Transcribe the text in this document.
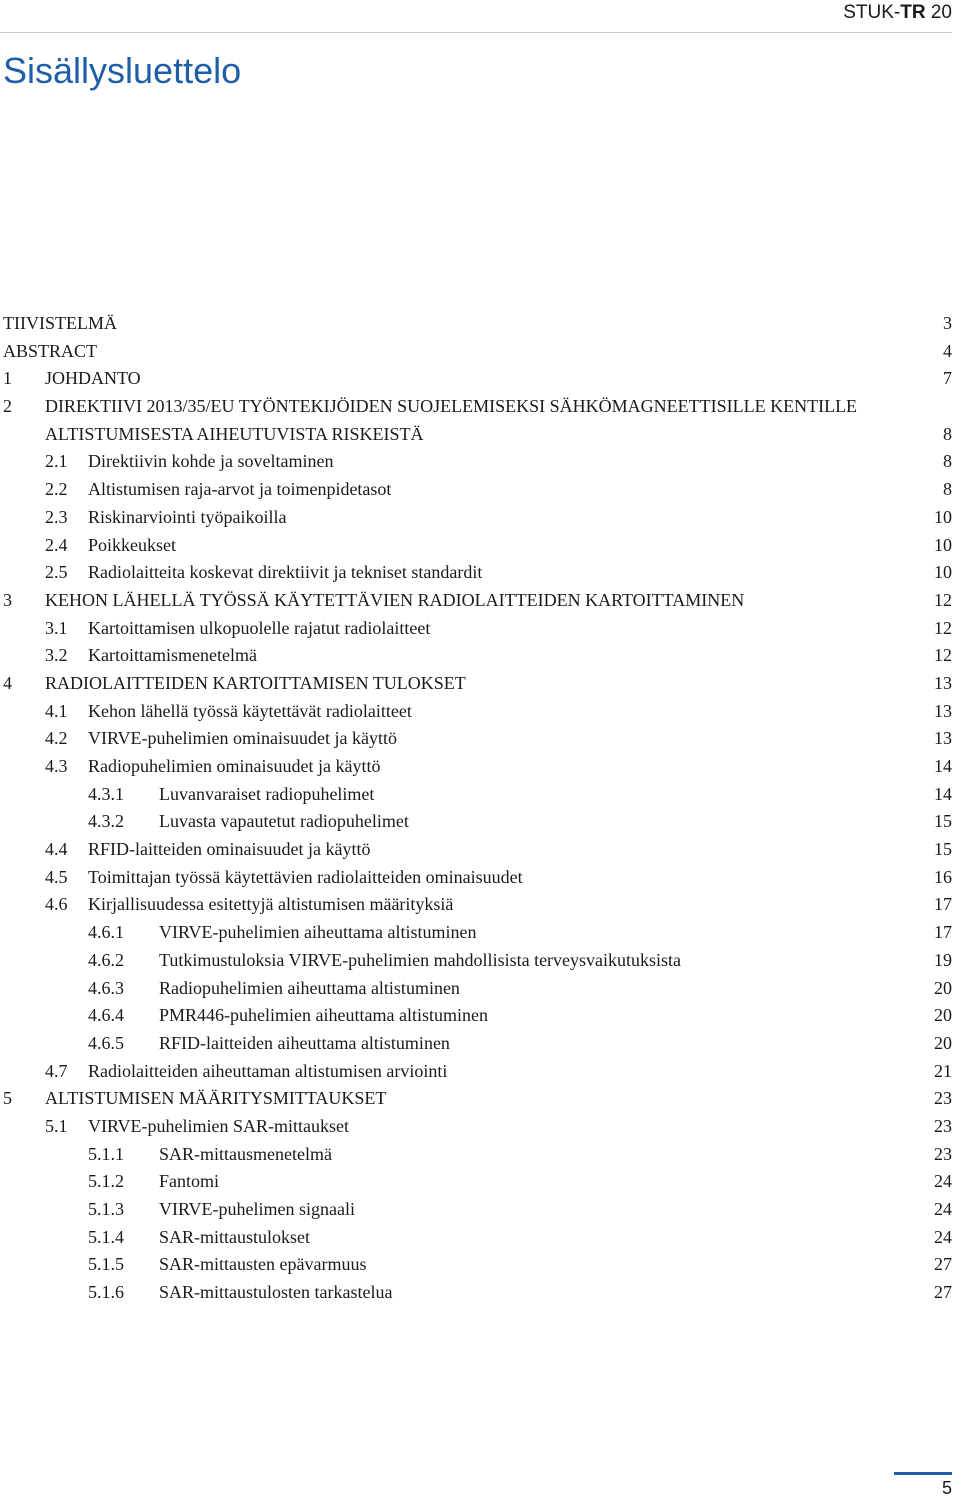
STUK-TR 20
Sisällysluettelo
TIIVISTELMÄ	3
ABSTRACT	4
1 JOHDANTO	7
2 DIREKTIIVI 2013/35/EU TYÖNTEKIJÖIDEN SUOJELEMISEKSI SÄHKÖMAGNEETTISILLE KENTILLE ALTISTUMISESTA AIHEUTUVISTA RISKEISTÄ	8
2.1 Direktiivin kohde ja soveltaminen	8
2.2 Altistumisen raja-arvot ja toimenpidetasot	8
2.3 Riskinarviointi työpaikoilla	10
2.4 Poikkeukset	10
2.5 Radiolaitteita koskevat direktiivit ja tekniset standardit	10
3 KEHON LÄHELLÄ TYÖSSÄ KÄYTETTÄVIEN RADIOLAITTEIDEN KARTOITTAMINEN	12
3.1 Kartoittamisen ulkopuolelle rajatut radiolaitteet	12
3.2 Kartoittamismenetelmä	12
4 RADIOLAITTEIDEN KARTOITTAMISEN TULOKSET	13
4.1 Kehon lähellä työssä käytettävät radiolaitteet	13
4.2 VIRVE-puhelimien ominaisuudet ja käyttö	13
4.3 Radiopuhelimien ominaisuudet ja käyttö	14
4.3.1 Luvanvaraiset radiopuhelimet	14
4.3.2 Luvasta vapautetut radiopuhelimet	15
4.4 RFID-laitteiden ominaisuudet ja käyttö	15
4.5 Toimittajan työssä käytettävien radiolaitteiden ominaisuudet	16
4.6 Kirjallisuudessa esitettyjä altistumisen määrityksiä	17
4.6.1 VIRVE-puhelimien aiheuttama altistuminen	17
4.6.2 Tutkimustuloksia VIRVE-puhelimien mahdollisista terveysvaikutuksista	19
4.6.3 Radiopuhelimien aiheuttama altistuminen	20
4.6.4 PMR446-puhelimien aiheuttama altistuminen	20
4.6.5 RFID-laitteiden aiheuttama altistuminen	20
4.7 Radiolaitteiden aiheuttaman altistumisen arviointi	21
5 ALTISTUMISEN MÄÄRITYSMITTAUKSET	23
5.1 VIRVE-puhelimien SAR-mittaukset	23
5.1.1 SAR-mittausmenetelmä	23
5.1.2 Fantomi	24
5.1.3 VIRVE-puhelimen signaali	24
5.1.4 SAR-mittaustulokset	24
5.1.5 SAR-mittausten epävarmuus	27
5.1.6 SAR-mittaustulosten tarkastelua	27
5
